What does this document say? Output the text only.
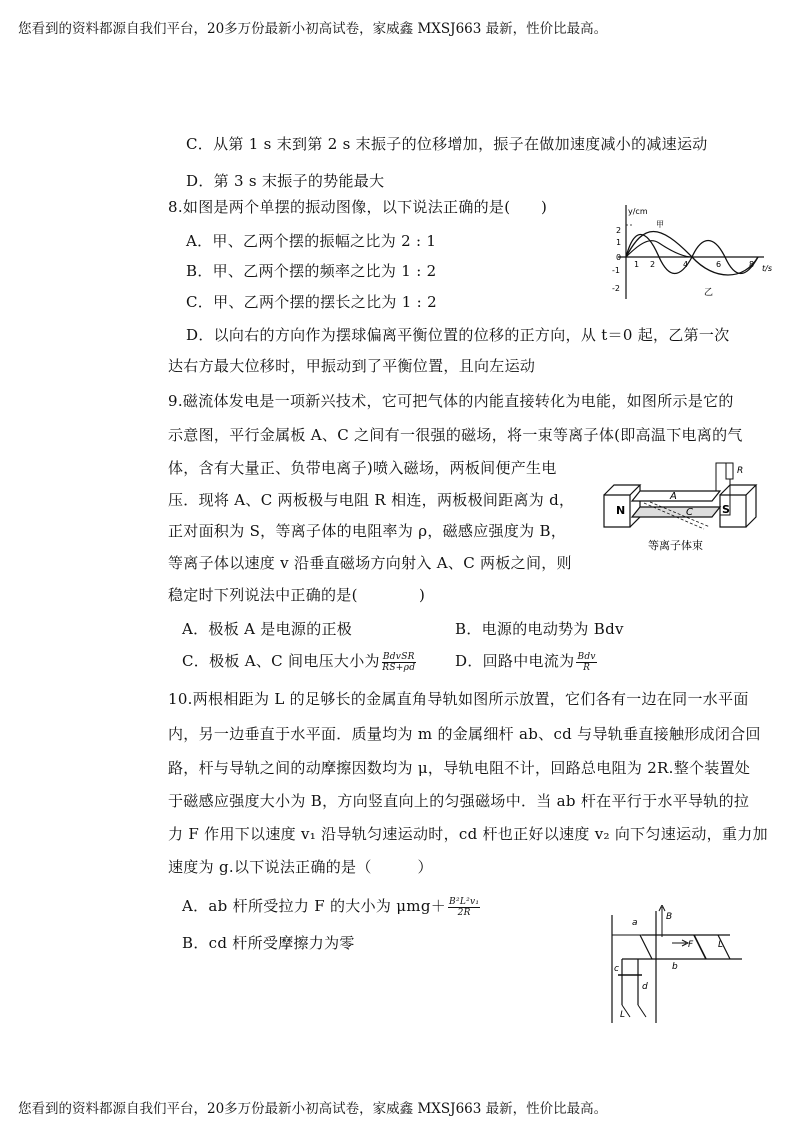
您看到的资料都源自我们平台，20多万份最新小初高试卷，家威鑫 MXSJ663 最新，性价比最高。
您看到的资料都源自我们平台，20多万份最新小初高试卷，家威鑫 MXSJ663 最新，性价比最高。
C．从第 1 s 末到第 2 s 末振子的位移增加，振子在做加速度减小的减速运动
D．第 3 s 末振子的势能最大
8.如图是两个单摆的振动图像，以下说法正确的是(　　)
A．甲、乙两个摆的振幅之比为 2 : 1
B．甲、乙两个摆的频率之比为 1 : 2
C．甲、乙两个摆的摆长之比为 1 : 2
D．以向右的方向作为摆球偏离平衡位置的位移的正方向，从 t＝0 起，乙第一次
达右方最大位移时，甲振动到了平衡位置，且向左运动
y/cm
2
1
0
-1
-2
1 2	4	6	8 t/s
甲
乙
9.磁流体发电是一项新兴技术，它可把气体的内能直接转化为电能，如图所示是它的
示意图，平行金属板 A、C 之间有一很强的磁场，将一束等离子体(即高温下电离的气
体，含有大量正、负带电离子)喷入磁场，两板间便产生电
压．现将 A、C 两板极与电阻 R 相连，两板极间距离为 d，
正对面积为 S，等离子体的电阻率为 ρ，磁感应强度为 B，
等离子体以速度 v 沿垂直磁场方向射入 A、C 两板之间，则
稳定时下列说法中正确的是(　　　　)
A．极板 A 是电源的正极	B．电源的电动势为 Bdv
C．极板 A、C 间电压大小为 $\frac{\text{BdvSR}}{RS+\rho d}$	D．回路中电流为 $\frac{\text{Bdv}}{R}$
N	S
A
C
R
等离子体束
10.两根相距为 L 的足够长的金属直角导轨如图所示放置，它们各有一边在同一水平面
内，另一边垂直于水平面．质量均为 m 的金属细杆 ab、cd 与导轨垂直接触形成闭合回
路，杆与导轨之间的动摩擦因数均为 μ，导轨电阻不计，回路总电阻为 2R.整个装置处
于磁感应强度大小为 B，方向竖直向上的匀强磁场中．当 ab 杆在平行于水平导轨的拉
力 F 作用下以速度 v₁ 沿导轨匀速运动时，cd 杆也正好以速度 v₂ 向下匀速运动，重力加
速度为 g.以下说法正确的是（　　　）
A．ab 杆所受拉力 F 的大小为 $\mu mg+ \frac{\text{B²L²v₁}}{2R}$
B．cd 杆所受摩擦力为零
a
B
F
b
L
c
d
L
